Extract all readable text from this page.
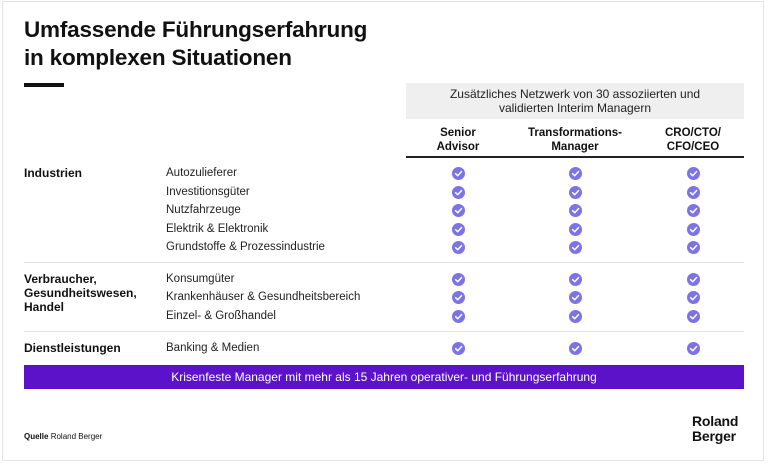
Umfassende Führungserfahrung
in komplexen Situationen
Zusätzliches Netzwerk von 30 assoziierten und
validierten Interim Managern
Senior
Advisor
Transformations-
Manager
CRO/CTO/
CFO/CEO
Industrien	Autozulieferer
Investitionsgüter
Nutzfahrzeuge
Elektrik & Elektronik
Grundstoffe & Prozessindustrie
Verbraucher,
Gesundheitswesen,
Handel
Konsumgüter
Krankenhäuser & Gesundheitsbereich
Einzel- & Großhandel
Dienstleistungen	Banking & Medien
Krisenfeste Manager mit mehr als 15 Jahren operativer- und Führungserfahrung
Quelle Roland Berger
Roland
Berger
